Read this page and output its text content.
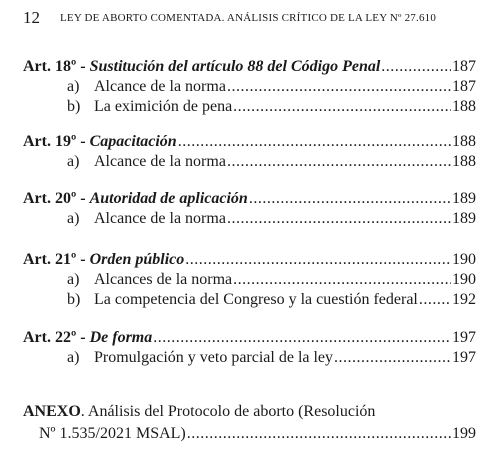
12 LEY DE ABORTO COMENTADA. ANÁLISIS CRÍTICO DE LA LEY Nº 27.610
Art. 18º - Sustitución del artículo 88 del Código Penal .....	187
a) Alcance de la norma .....	187
b) La eximición de pena .....	188
Art. 19º - Capacitación .....	188
a) Alcance de la norma .....	188
Art. 20º - Autoridad de aplicación .....	189
a) Alcance de la norma .....	189
Art. 21º - Orden público .....	190
a) Alcances de la norma .....	190
b) La competencia del Congreso y la cuestión federal ..... 192
Art. 22º - De forma .....	197
a) Promulgación y veto parcial de la ley .....	197
ANEXO. Análisis del Protocolo de aborto (Resolución
Nº 1.535/2021 MSAL) .....	199
